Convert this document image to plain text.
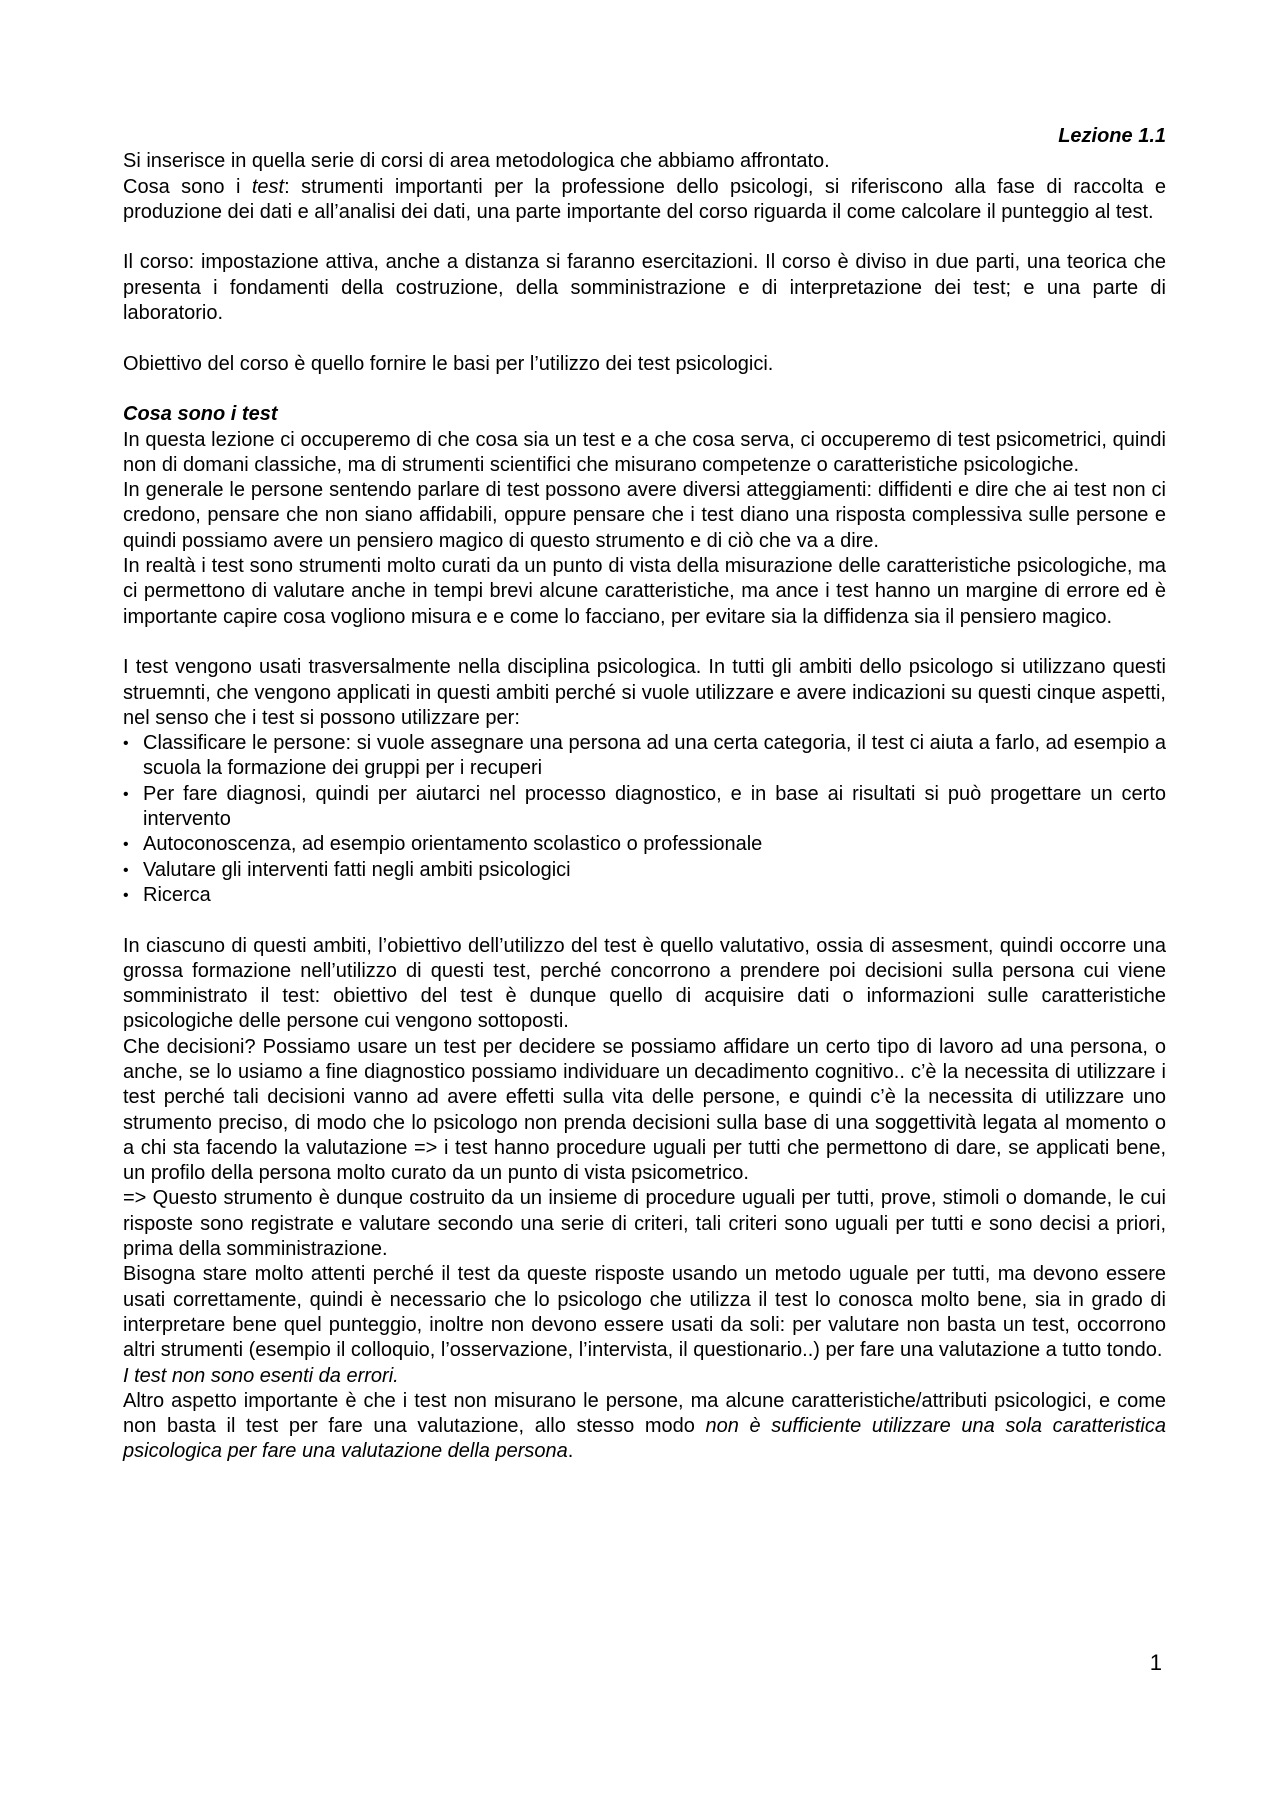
Lezione 1.1

Si inserisce in quella serie di corsi di area metodologica che abbiamo affrontato.

Cosa sono i test: strumenti importanti per la professione dello psicologi, si riferiscono alla fase di raccolta e produzione dei dati e all’analisi dei dati, una parte importante del corso riguarda il come calcolare il punteggio al test.

Il corso: impostazione attiva, anche a distanza si faranno esercitazioni. Il corso è diviso in due parti, una teorica che presenta i fondamenti della costruzione, della somministrazione e di interpretazione dei test; e una parte di laboratorio.

Obiettivo del corso è quello fornire le basi per l’utilizzo dei test psicologici.

Cosa sono i test

In questa lezione ci occuperemo di che cosa sia un test e a che cosa serva, ci occuperemo di test psicometrici, quindi non di domani classiche, ma di strumenti scientifici che misurano competenze o caratteristiche psicologiche.

In generale le persone sentendo parlare di test possono avere diversi atteggiamenti: diffidenti e dire che ai test non ci credono, pensare che non siano affidabili, oppure pensare che i test diano una risposta complessiva sulle persone e quindi possiamo avere un pensiero magico di questo strumento e di ciò che va a dire.

In realtà i test sono strumenti molto curati da un punto di vista della misurazione delle caratteristiche psicologiche, ma ci permettono di valutare anche in tempi brevi alcune caratteristiche, ma ance i test hanno un margine di errore ed è importante capire cosa vogliono misura e e come lo facciano, per evitare sia la diffidenza sia il pensiero magico.

I test vengono usati trasversalmente nella disciplina psicologica. In tutti gli ambiti dello psicologo si utilizzano questi struemnti, che vengono applicati in questi ambiti perché si vuole utilizzare e avere indicazioni su questi cinque aspetti, nel senso che i test si possono utilizzare per:

• Classificare le persone: si vuole assegnare una persona ad una certa categoria, il test ci aiuta a farlo, ad esempio a scuola la formazione dei gruppi per i recuperi
• Per fare diagnosi, quindi per aiutarci nel processo diagnostico, e in base ai risultati si può progettare un certo intervento
• Autoconoscenza, ad esempio orientamento scolastico o professionale
• Valutare gli interventi fatti negli ambiti psicologici
• Ricerca

In ciascuno di questi ambiti, l’obiettivo dell’utilizzo del test è quello valutativo, ossia di assesment, quindi occorre una grossa formazione nell’utilizzo di questi test, perché concorrono a prendere poi decisioni sulla persona cui viene somministrato il test: obiettivo del test è dunque quello di acquisire dati o informazioni sulle caratteristiche psicologiche delle persone cui vengono sottoposti.

Che decisioni? Possiamo usare un test per decidere se possiamo affidare un certo tipo di lavoro ad una persona, o anche, se lo usiamo a fine diagnostico possiamo individuare un decadimento cognitivo.. c’è la necessita di utilizzare i test perché tali decisioni vanno ad avere effetti sulla vita delle persone, e quindi c’è la necessita di utilizzare uno strumento preciso, di modo che lo psicologo non prenda decisioni sulla base di una soggettività legata al momento o a chi sta facendo la valutazione => i test hanno procedure uguali per tutti che permettono di dare, se applicati bene, un profilo della persona molto curato da un punto di vista psicometrico.

=> Questo strumento è dunque costruito da un insieme di procedure uguali per tutti, prove, stimoli o domande, le cui risposte sono registrate e valutare secondo una serie di criteri, tali criteri sono uguali per tutti e sono decisi a priori, prima della somministrazione.

Bisogna stare molto attenti perché il test da queste risposte usando un metodo uguale per tutti, ma devono essere usati correttamente, quindi è necessario che lo psicologo che utilizza il test lo conosca molto bene, sia in grado di interpretare bene quel punteggio, inoltre non devono essere usati da soli: per valutare non basta un test, occorrono altri strumenti (esempio il colloquio, l’osservazione, l’intervista, il questionario..) per fare una valutazione a tutto tondo.

I test non sono esenti da errori.

Altro aspetto importante è che i test non misurano le persone, ma alcune caratteristiche/attributi psicologici, e come non basta il test per fare una valutazione, allo stesso modo non è sufficiente utilizzare una sola caratteristica psicologica per fare una valutazione della persona.

1
